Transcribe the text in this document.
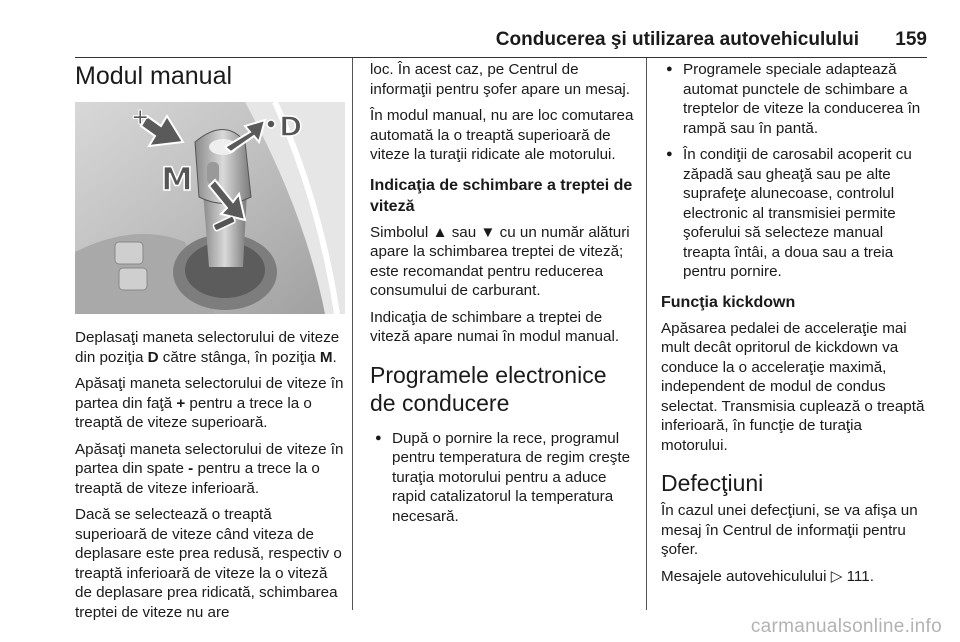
Conducerea şi utilizarea autovehiculului 159
Modul manual
+	D
M

Deplasaţi maneta selectorului de viteze din poziţia D către stânga, în poziţia M.

Apăsaţi maneta selectorului de viteze în partea din faţă + pentru a trece la o treaptă de viteze superioară.

Apăsaţi maneta selectorului de viteze în partea din spate - pentru a trece la o treaptă de viteze inferioară.

Dacă se selectează o treaptă superioară de viteze când viteza de deplasare este prea redusă, respectiv o treaptă inferioară de viteze la o viteză de deplasare prea ridicată, schimbarea treptei de viteze nu are

loc. În acest caz, pe Centrul de informaţii pentru şofer apare un mesaj.

În modul manual, nu are loc comutarea automată la o treaptă superioară de viteze la turaţii ridicate ale motorului.

Indicaţia de schimbare a treptei de viteză

Simbolul ▲ sau ▼ cu un număr alături apare la schimbarea treptei de viteză; este recomandat pentru reducerea consumului de carburant.

Indicaţia de schimbare a treptei de viteză apare numai în modul manual.

Programele electronice de conducere
● După o pornire la rece, programul pentru temperatura de regim creşte turaţia motorului pentru a aduce rapid catalizatorul la temperatura necesară.
● Programele speciale adaptează automat punctele de schimbare a treptelor de viteze la conducerea în rampă sau în pantă.
● În condiţii de carosabil acoperit cu zăpadă sau gheaţă sau pe alte suprafeţe alunecoase, controlul electronic al transmisiei permite şoferului să selecteze manual treapta întâi, a doua sau a treia pentru pornire.
Funcţia kickdown

Apăsarea pedalei de acceleraţie mai mult decât opritorul de kickdown va conduce la o acceleraţie maximă, independent de modul de condus selectat. Transmisia cuplează o treaptă inferioară, în funcţie de turaţia motorului.

Defecţiuni

În cazul unei defecţiuni, se va afişa un mesaj în Centrul de informaţii pentru şofer.

Mesajele autovehiculului ▷ 111.

carmanualsonline.info
